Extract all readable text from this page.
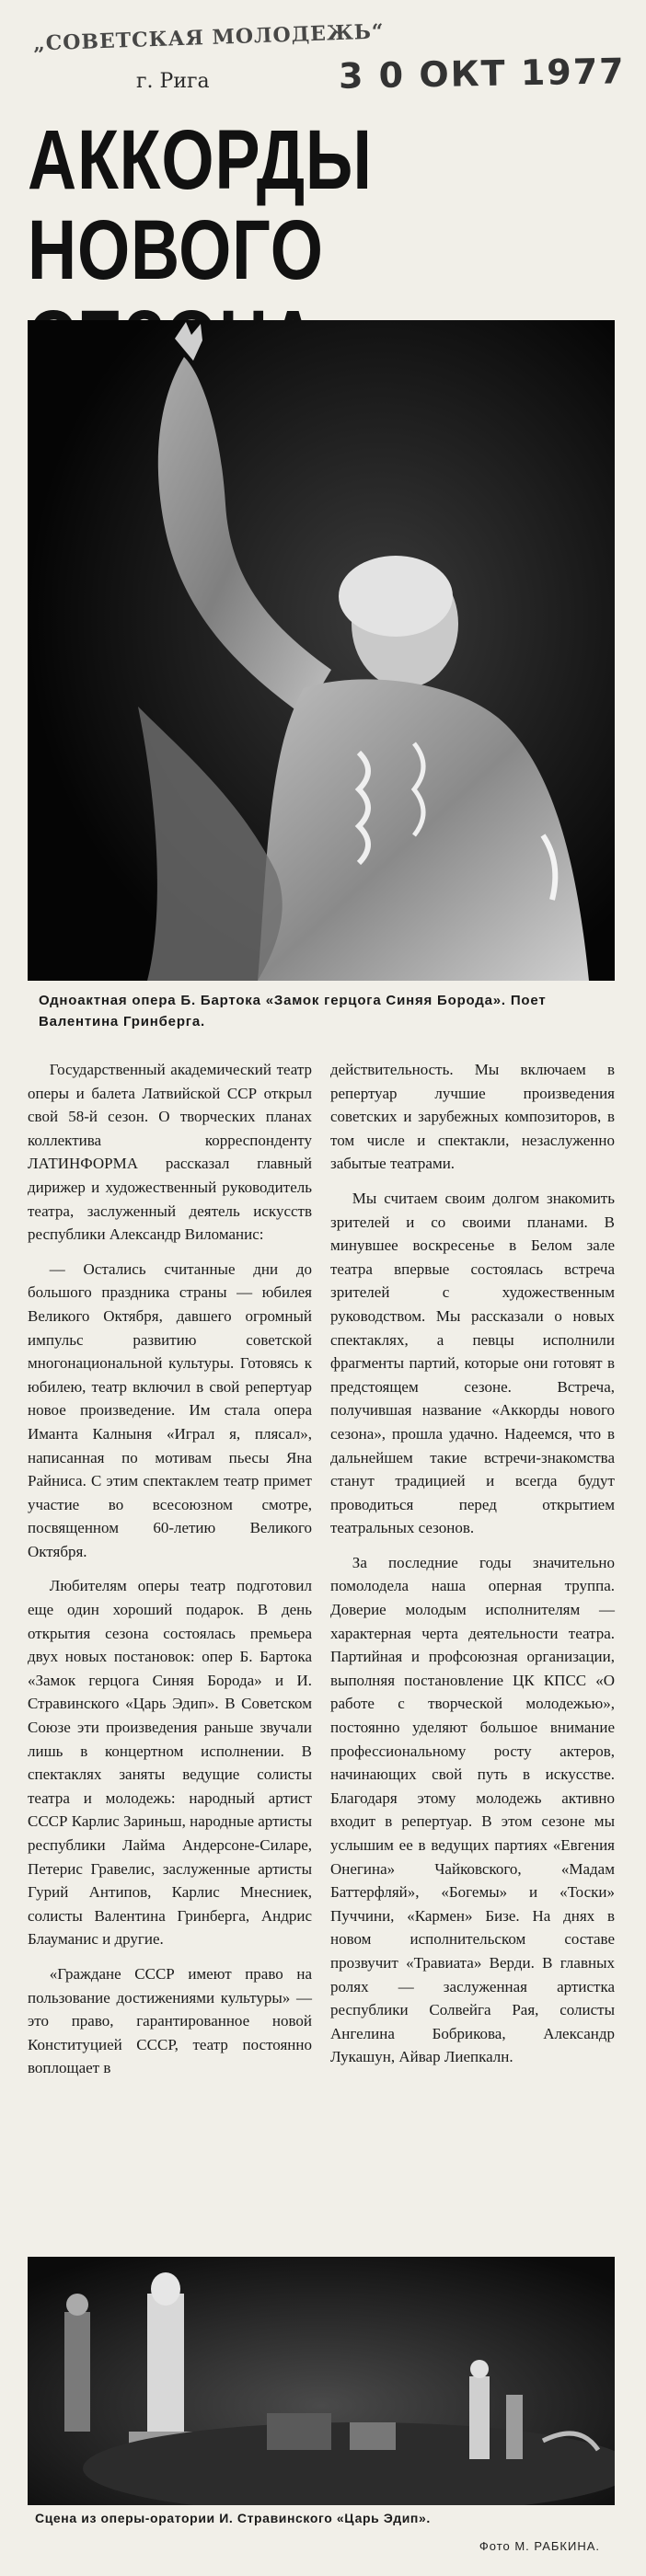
„СОВЕТСКАЯ МОЛОДЕЖЬ“
г. Рига	3 0 ОКТ 1977
АККОРДЫ
НОВОГО
Одноактная опера Б. Бартока «Замок герцога Синяя Борода». Поет Валентина Гринберга.

Государственный академический театр оперы и балета Латвийской ССР открыл свой 58-й сезон. О творческих планах коллектива корреспонденту ЛАТИНФОРМА рассказал главный дирижер и художественный руководитель театра, заслуженный деятель искусств республики Александр Виломаниc:

— Остались считанные дни до большого праздника страны — юбилея Великого Октября, давшего огромный импульс развитию советской многонациональной культуры. Готовясь к юбилею, театр включил в свой репертуар новое произведение. Им стала опера Иманта Калныня «Играл я, плясал», написанная по мотивам пьесы Яна Райниса. С этим спектаклем театр примет участие во всесоюзном смотре, посвященном 60-летию Великого Октября.

Любителям оперы театр подготовил еще один хороший подарок. В день открытия сезона состоялась премьера двух новых постановок: опер Б. Бартока «Замок герцога Синяя Борода» и И. Стравинского «Царь Эдип». В Советском Союзе эти произведения раньше звучали лишь в концертном исполнении. В спектаклях заняты ведущие солисты театра и молодежь: народный артист СССР Карлис Зариньш, народные артисты республики Лайма Андерсоне-Силаре, Петерис Гравелис, заслуженные артисты Гурий Антипов, Карлис Мнесниек, солисты Валентина Гринберга, Андрис Блауманис и другие.

«Граждане СССР имеют право на пользование достижениями культуры» — это право, гарантированное новой Конституцией СССР, театр постоянно воплощает в

действительность. Мы включаем в репертуар лучшие произведения советских и зарубежных композиторов, в том числе и спектакли, незаслуженно забытые театрами.

Мы считаем своим долгом знакомить зрителей и со своими планами. В минувшее воскресенье в Белом зале театра впервые состоялась встреча зрителей с художественным руководством. Мы рассказали о новых спектаклях, а певцы исполнили фрагменты партий, которые они готовят в предстоящем сезоне. Встреча, получившая название «Аккорды нового сезона», прошла удачно. Надеемся, что в дальнейшем такие встречи-знакомства станут традицией и всегда будут проводиться перед открытием театральных сезонов.

За последние годы значительно помолодела наша оперная труппа. Доверие молодым исполнителям — характерная черта деятельности театра. Партийная и профсоюзная организации, выполняя постановление ЦК КПСС «О работе с творческой молодежью», постоянно уделяют большое внимание профессиональному росту актеров, начинающих свой путь в искусстве. Благодаря этому молодежь активно входит в репертуар. В этом сезоне мы услышим ее в ведущих партиях «Евгения Онегина» Чайковского, «Мадам Баттерфляй», «Богемы» и «Тоски» Пуччини, «Кармен» Бизе. На днях в новом исполнительском составе прозвучит «Травиата» Верди. В главных ролях — заслуженная артистка республики Солвейга Рая, солисты Ангелина Бобрикова, Александр Лукашун, Айвар Лиепкалн.

Сцена из оперы-оратории И. Стравинского «Царь Эдип».
Фото М. РАБКИНА.
